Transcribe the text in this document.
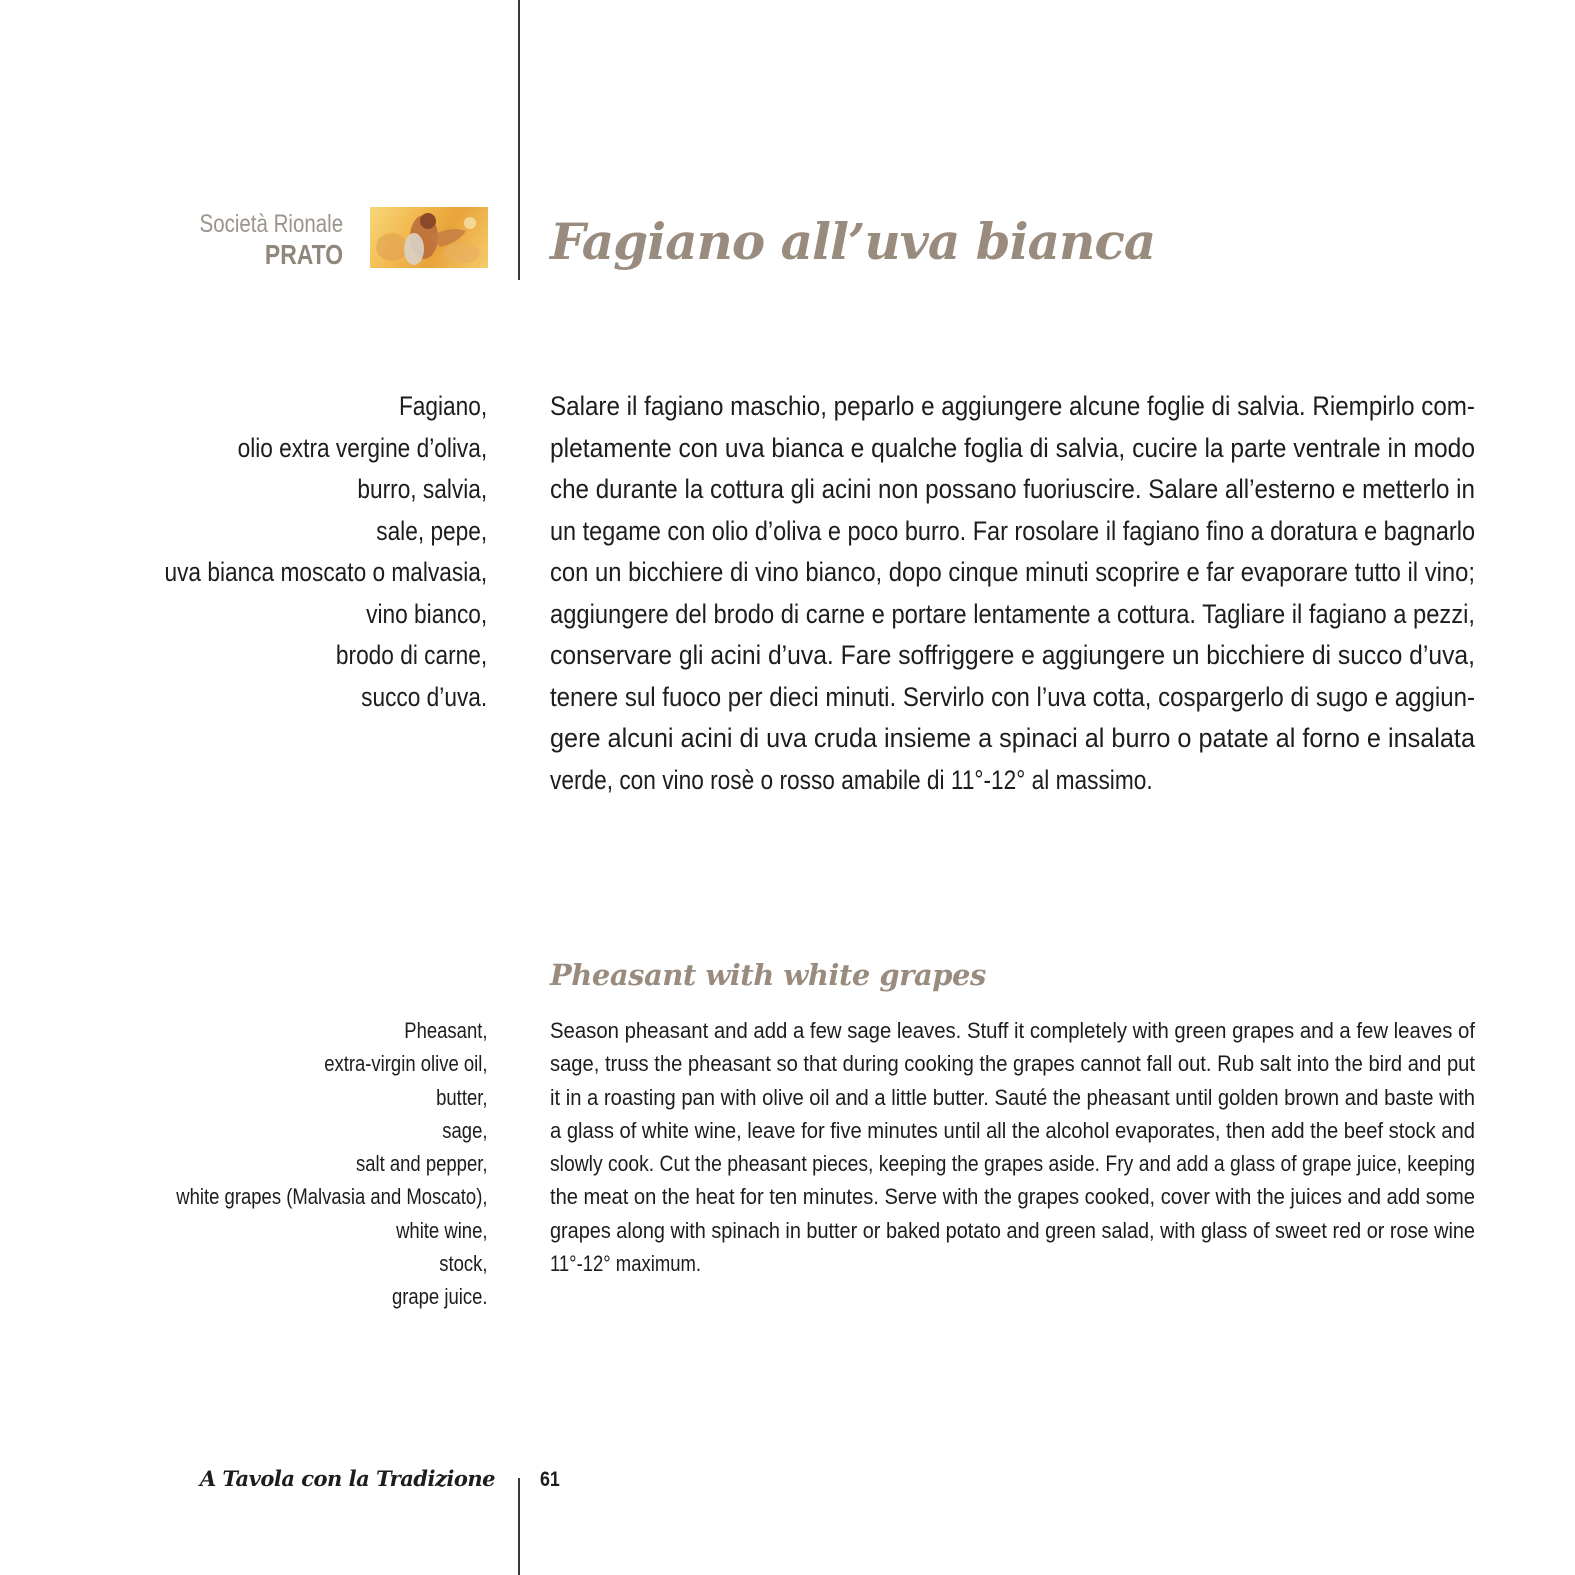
Società Rionale
PRATO	Fagiano all’uva bianca
Fagiano,
olio extra vergine d’oliva,
burro, salvia,
sale, pepe,
uva bianca moscato o malvasia,
vino bianco,
brodo di carne,
succo d’uva.

Salare il fagiano maschio, peparlo e aggiungere alcune foglie di salvia. Riempirlo com-
pletamente con uva bianca e qualche foglia di salvia, cucire la parte ventrale in modo
che durante la cottura gli acini non possano fuoriuscire. Salare all’esterno e metterlo in
un tegame con olio d’oliva e poco burro. Far rosolare il fagiano fino a doratura e bagnarlo
con un bicchiere di vino bianco, dopo cinque minuti scoprire e far evaporare tutto il vino;
aggiungere del brodo di carne e portare lentamente a cottura. Tagliare il fagiano a pezzi,
conservare gli acini d’uva. Fare soffriggere e aggiungere un bicchiere di succo d’uva,
tenere sul fuoco per dieci minuti. Servirlo con l’uva cotta, cospargerlo di sugo e aggiun-
gere alcuni acini di uva cruda insieme a spinaci al burro o patate al forno e insalata
verde, con vino rosè o rosso amabile di 11°-12° al massimo.

Pheasant with white grapes
Pheasant,
extra-virgin olive oil,
butter,
sage,
salt and pepper,
white grapes (Malvasia and Moscato),
white wine,
stock,
grape juice.

Season pheasant and add a few sage leaves. Stuff it completely with green grapes and a few leaves of
sage, truss the pheasant so that during cooking the grapes cannot fall out. Rub salt into the bird and put
it in a roasting pan with olive oil and a little butter. Sauté the pheasant until golden brown and baste with
a glass of white wine, leave for five minutes until all the alcohol evaporates, then add the beef stock and
slowly cook. Cut the pheasant pieces, keeping the grapes aside. Fry and add a glass of grape juice, keeping
the meat on the heat for ten minutes. Serve with the grapes cooked, cover with the juices and add some
grapes along with spinach in butter or baked potato and green salad, with glass of sweet red or rose wine
11°-12° maximum.

A Tavola con la Tradizione 61
